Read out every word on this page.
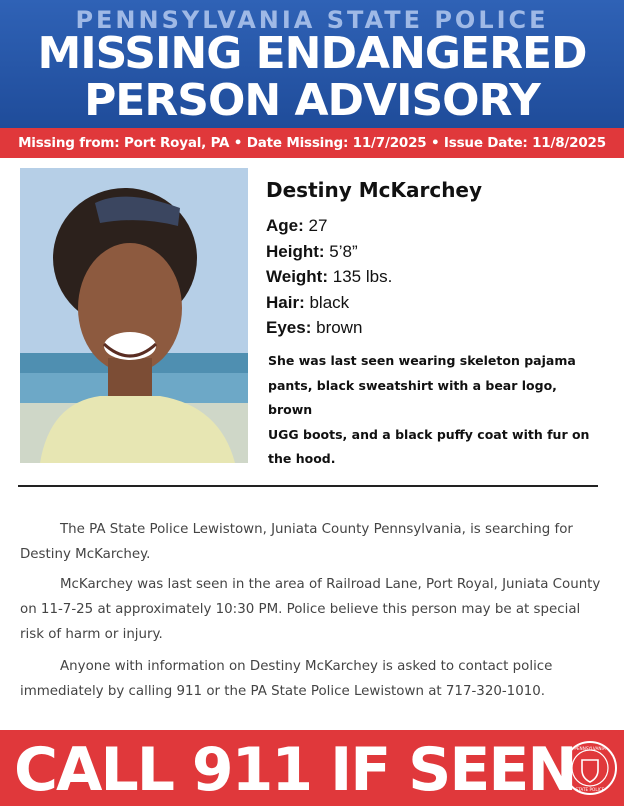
PENNSYLVANIA STATE POLICE
MISSING ENDANGERED
PERSON ADVISORY
Missing from: Port Royal, PA • Date Missing: 11/7/2025 • Issue Date: 11/8/2025
Destiny McKarchey
Age: 27
Height: 5’8”
Weight: 135 lbs.
Hair: black
Eyes: brown
She was last seen wearing skeleton pajama
pants, black sweatshirt with a bear logo, brown
UGG boots, and a black puffy coat with fur on
the hood.
The PA State Police Lewistown, Juniata County Pennsylvania, is searching for Destiny McKarchey.
McKarchey was last seen in the area of Railroad Lane, Port Royal, Juniata County on 11-7-25 at approximately 10:30 PM. Police believe this person may be at special risk of harm or injury.
Anyone with information on Destiny McKarchey is asked to contact police immediately by calling 911 or the PA State Police Lewistown at 717-320-1010.
CALL 911 IF SEEN
PENNSYLVANIA
STATE POLICE
